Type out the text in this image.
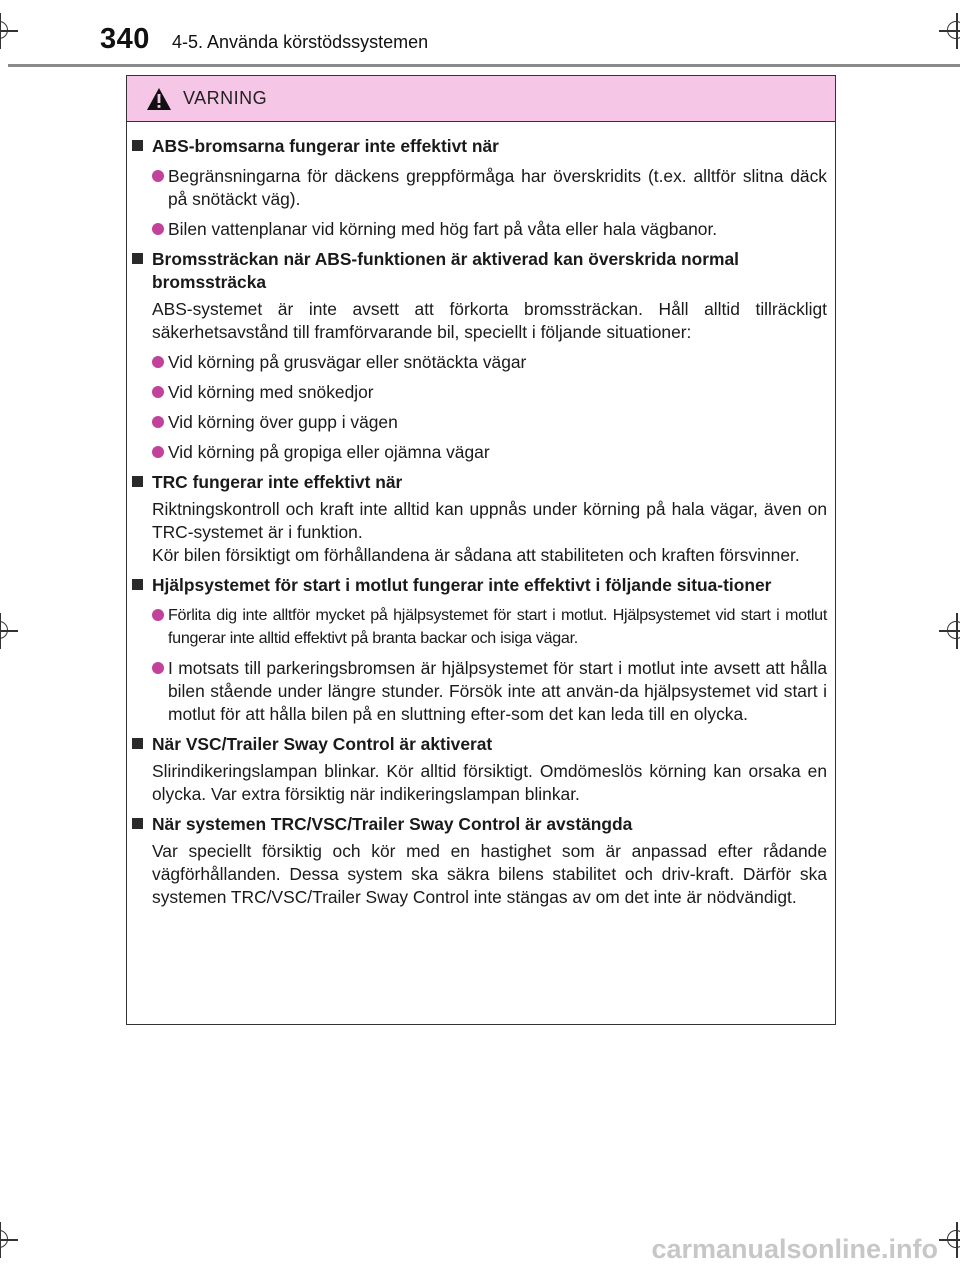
340 4-5. Använda körstödssystemen
VARNING
ABS-bromsarna fungerar inte effektivt när
Begränsningarna för däckens greppförmåga har överskridits (t.ex. alltför slitna däck på snötäckt väg).
Bilen vattenplanar vid körning med hög fart på våta eller hala vägbanor.
Bromssträckan när ABS-funktionen är aktiverad kan överskrida normal bromssträcka
ABS-systemet är inte avsett att förkorta bromssträckan. Håll alltid tillräckligt säkerhetsavstånd till framförvarande bil, speciellt i följande situationer:
Vid körning på grusvägar eller snötäckta vägar
Vid körning med snökedjor
Vid körning över gupp i vägen
Vid körning på gropiga eller ojämna vägar
TRC fungerar inte effektivt när
Riktningskontroll och kraft inte alltid kan uppnås under körning på hala vägar, även on TRC-systemet är i funktion.
Kör bilen försiktigt om förhållandena är sådana att stabiliteten och kraften försvinner.
Hjälpsystemet för start i motlut fungerar inte effektivt i följande situa-tioner
Förlita dig inte alltför mycket på hjälpsystemet för start i motlut. Hjälpsystemet vid start i motlut fungerar inte alltid effektivt på branta backar och isiga vägar.
I motsats till parkeringsbromsen är hjälpsystemet för start i motlut inte avsett att hålla bilen stående under längre stunder. Försök inte att använ-da hjälpsystemet vid start i motlut för att hålla bilen på en sluttning efter-som det kan leda till en olycka.
När VSC/Trailer Sway Control är aktiverat
Slirindikeringslampan blinkar. Kör alltid försiktigt. Omdömeslös körning kan orsaka en olycka. Var extra försiktig när indikeringslampan blinkar.
När systemen TRC/VSC/Trailer Sway Control är avstängda
Var speciellt försiktig och kör med en hastighet som är anpassad efter rådande vägförhållanden. Dessa system ska säkra bilens stabilitet och driv-kraft. Därför ska systemen TRC/VSC/Trailer Sway Control inte stängas av om det inte är nödvändigt.
carmanualsonline.info
